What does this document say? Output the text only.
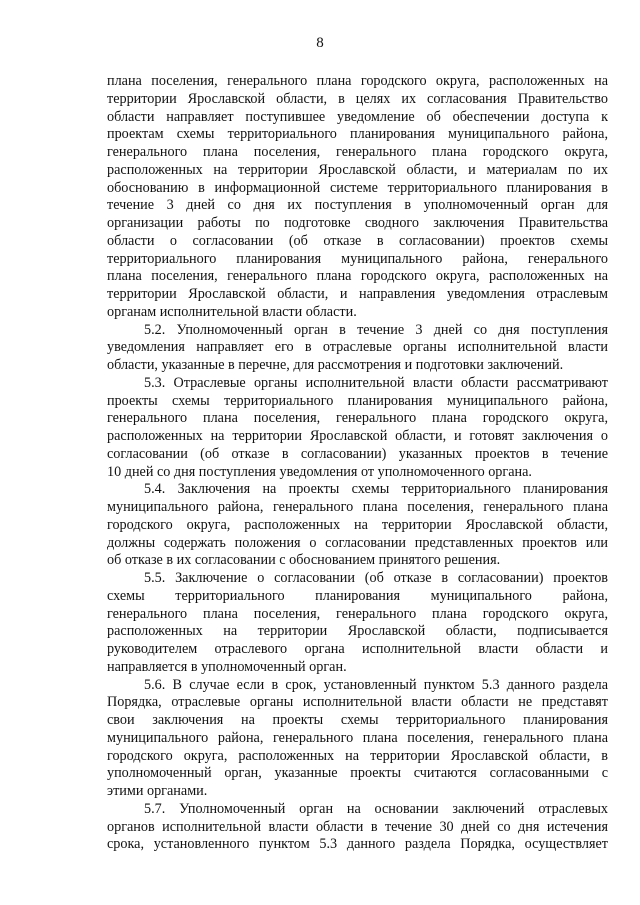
8
плана поселения, генерального плана городского округа, расположенных на
территории Ярославской области, в целях их согласования Правительство
области направляет поступившее уведомление об обеспечении доступа к
проектам схемы территориального планирования муниципального района,
генерального плана поселения, генерального плана городского округа,
расположенных на территории Ярославской области, и материалам по их
обоснованию в информационной системе территориального планирования в
течение 3 дней со дня их поступления в уполномоченный орган для
организации работы по подготовке сводного заключения Правительства
области о согласовании (об отказе в согласовании) проектов схемы
территориального планирования муниципального района, генерального
плана поселения, генерального плана городского округа, расположенных на
территории Ярославской области, и направления уведомления отраслевым
органам исполнительной власти области.
5.2. Уполномоченный орган в течение 3 дней со дня поступления
уведомления направляет его в отраслевые органы исполнительной власти
области, указанные в перечне, для рассмотрения и подготовки заключений.
5.3. Отраслевые органы исполнительной власти области рассматривают
проекты схемы территориального планирования муниципального района,
генерального плана поселения, генерального плана городского округа,
расположенных на территории Ярославской области, и готовят заключения о
согласовании (об отказе в согласовании) указанных проектов в течение
10 дней со дня поступления уведомления от уполномоченного органа.
5.4. Заключения на проекты схемы территориального планирования
муниципального района, генерального плана поселения, генерального плана
городского округа, расположенных на территории Ярославской области,
должны содержать положения о согласовании представленных проектов или
об отказе в их согласовании с обоснованием принятого решения.
5.5. Заключение о согласовании (об отказе в согласовании) проектов
схемы территориального планирования муниципального района,
генерального плана поселения, генерального плана городского округа,
расположенных на территории Ярославской области, подписывается
руководителем отраслевого органа исполнительной власти области и
направляется в уполномоченный орган.
5.6. В случае если в срок, установленный пунктом 5.3 данного раздела
Порядка, отраслевые органы исполнительной власти области не представят
свои заключения на проекты схемы территориального планирования
муниципального района, генерального плана поселения, генерального плана
городского округа, расположенных на территории Ярославской области, в
уполномоченный орган, указанные проекты считаются согласованными с
этими органами.
5.7. Уполномоченный орган на основании заключений отраслевых
органов исполнительной власти области в течение 30 дней со дня истечения
срока, установленного пунктом 5.3 данного раздела Порядка, осуществляет
